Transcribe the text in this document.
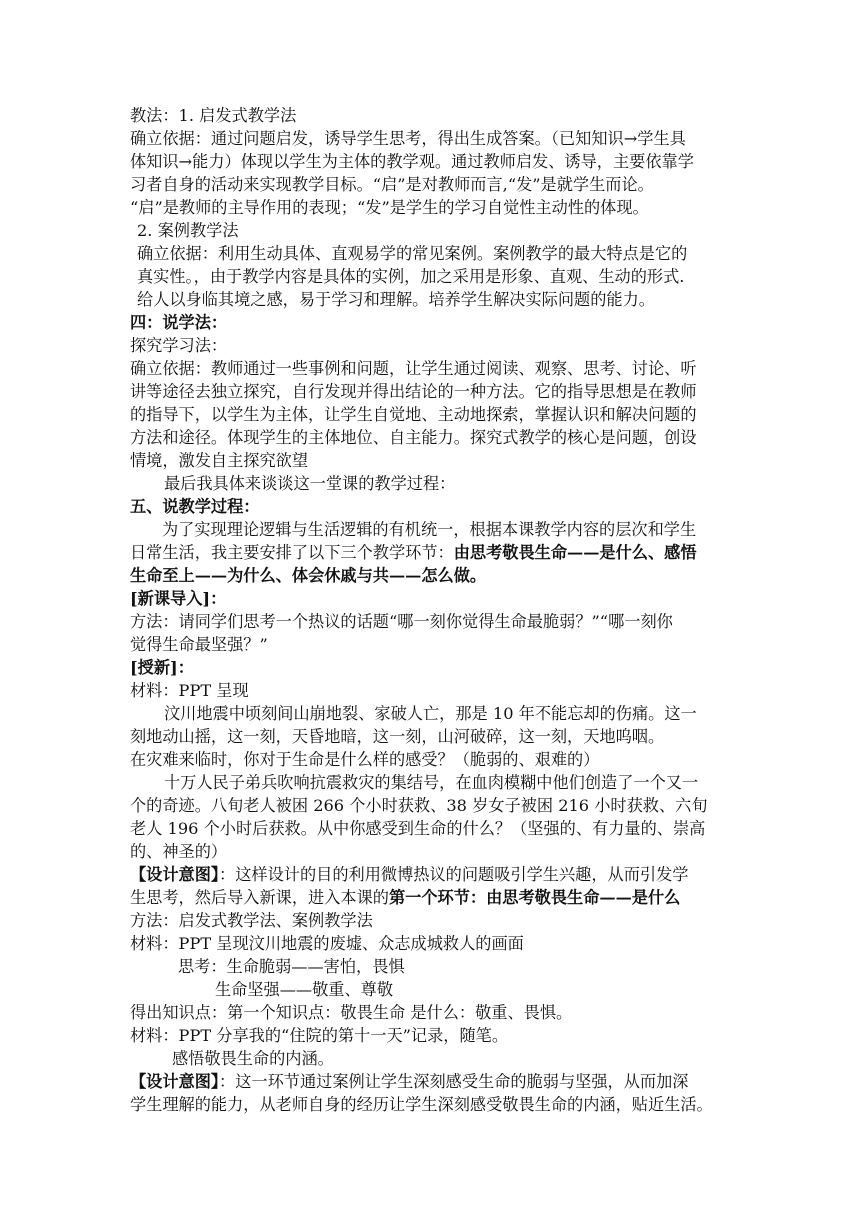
教法：1. 启发式教学法
确立依据：通过问题启发，诱导学生思考，得出生成答案。（已知知识→学生具
体知识→能力）体现以学生为主体的教学观。通过教师启发、诱导，主要依靠学
习者自身的活动来实现教学目标。“启”是对教师而言,“发”是就学生而论。
“启”是教师的主导作用的表现；“发”是学生的学习自觉性主动性的体现。
2. 案例教学法
确立依据：利用生动具体、直观易学的常见案例。案例教学的最大特点是它的
真实性。，由于教学内容是具体的实例，加之采用是形象、直观、生动的形式.
给人以身临其境之感，易于学习和理解。培养学生解决实际问题的能力。
四：说学法：
探究学习法：
确立依据：教师通过一些事例和问题，让学生通过阅读、观察、思考、讨论、听
讲等途径去独立探究，自行发现并得出结论的一种方法。它的指导思想是在教师
的指导下，以学生为主体，让学生自觉地、主动地探索，掌握认识和解决问题的
方法和途径。体现学生的主体地位、自主能力。探究式教学的核心是问题，创设
情境，激发自主探究欲望
最后我具体来谈谈这一堂课的教学过程：
五、说教学过程：
为了实现理论逻辑与生活逻辑的有机统一，根据本课教学内容的层次和学生
日常生活，我主要安排了以下三个教学环节：由思考敬畏生命——是什么、感悟
生命至上——为什么、体会休戚与共——怎么做。
[新课导入]：
方法：请同学们思考一个热议的话题“哪一刻你觉得生命最脆弱？”“哪一刻你
觉得生命最坚强？”
[授新]：
材料：PPT 呈现
汶川地震中顷刻间山崩地裂、家破人亡，那是 10 年不能忘却的伤痛。这一
刻地动山摇，这一刻，天昏地暗，这一刻，山河破碎，这一刻，天地呜咽。
在灾难来临时，你对于生命是什么样的感受？（脆弱的、艰难的）
十万人民子弟兵吹响抗震救灾的集结号，在血肉模糊中他们创造了一个又一
个的奇迹。八旬老人被困 266 个小时获救、38 岁女子被困 216 小时获救、六旬
老人 196 个小时后获救。从中你感受到生命的什么？（坚强的、有力量的、崇高
的、神圣的）
【设计意图】：这样设计的目的利用微博热议的问题吸引学生兴趣，从而引发学
生思考，然后导入新课，进入本课的第一个环节：由思考敬畏生命——是什么
方法：启发式教学法、案例教学法
材料：PPT 呈现汶川地震的废墟、众志成城救人的画面
思考：生命脆弱——害怕，畏惧
生命坚强——敬重、尊敬
得出知识点：第一个知识点：敬畏生命 是什么：敬重、畏惧。
材料：PPT 分享我的“住院的第十一天”记录，随笔。
感悟敬畏生命的内涵。
【设计意图】：这一环节通过案例让学生深刻感受生命的脆弱与坚强，从而加深
学生理解的能力，从老师自身的经历让学生深刻感受敬畏生命的内涵，贴近生活。
